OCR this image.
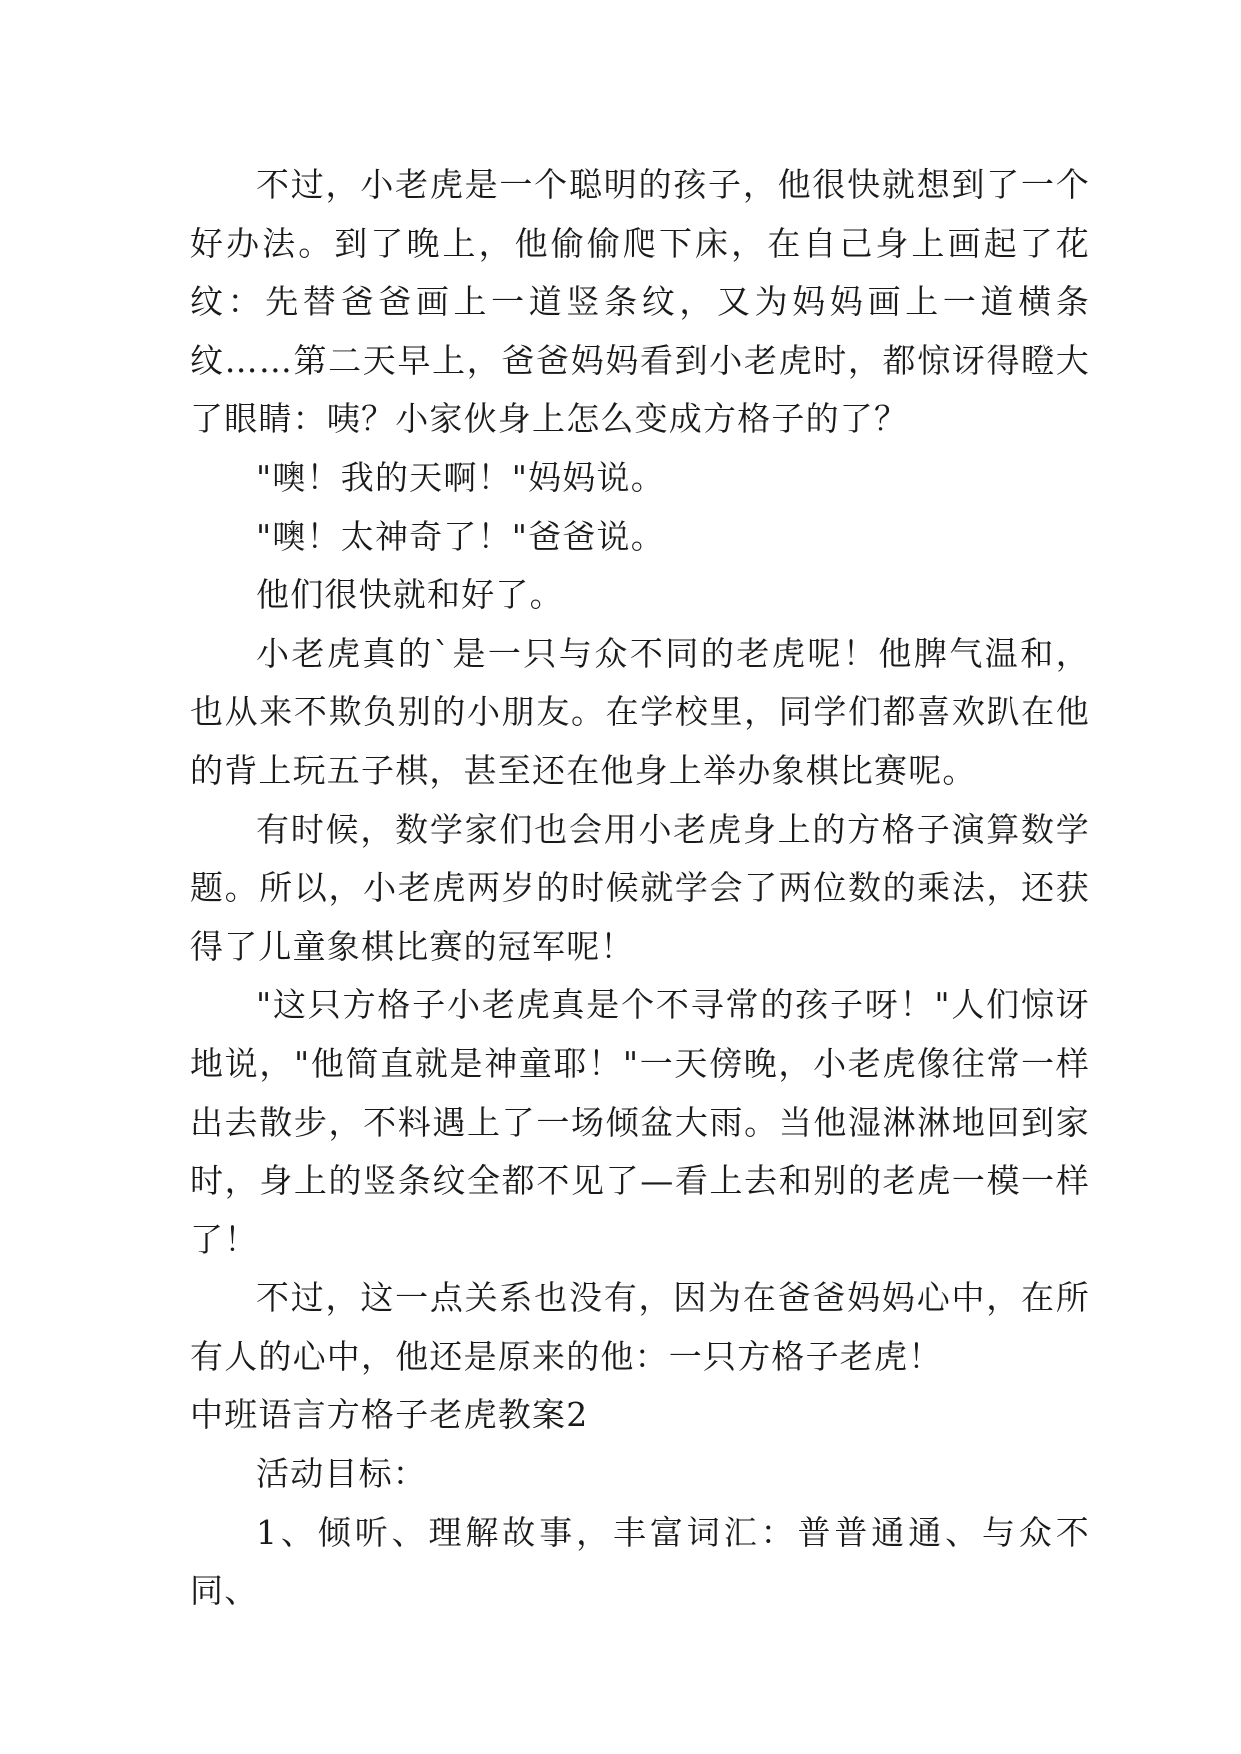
不过，小老虎是一个聪明的孩子，他很快就想到了一个好办法。到了晚上，他偷偷爬下床，在自己身上画起了花纹：先替爸爸画上一道竖条纹，又为妈妈画上一道横条纹……第二天早上，爸爸妈妈看到小老虎时，都惊讶得瞪大了眼睛：咦？小家伙身上怎么变成方格子的了？

"噢！我的天啊！"妈妈说。

"噢！太神奇了！"爸爸说。

他们很快就和好了。

小老虎真的`是一只与众不同的老虎呢！他脾气温和，也从来不欺负别的小朋友。在学校里，同学们都喜欢趴在他的背上玩五子棋，甚至还在他身上举办象棋比赛呢。

有时候，数学家们也会用小老虎身上的方格子演算数学题。所以，小老虎两岁的时候就学会了两位数的乘法，还获得了儿童象棋比赛的冠军呢！

"这只方格子小老虎真是个不寻常的孩子呀！"人们惊讶地说，"他简直就是神童耶！"一天傍晚，小老虎像往常一样出去散步，不料遇上了一场倾盆大雨。当他湿淋淋地回到家时，身上的竖条纹全都不见了—看上去和别的老虎一模一样了！

不过，这一点关系也没有，因为在爸爸妈妈心中，在所有人的心中，他还是原来的他：一只方格子老虎！

中班语言方格子老虎教案2

活动目标：

1、倾听、理解故事，丰富词汇：普普通通、与众不同、
